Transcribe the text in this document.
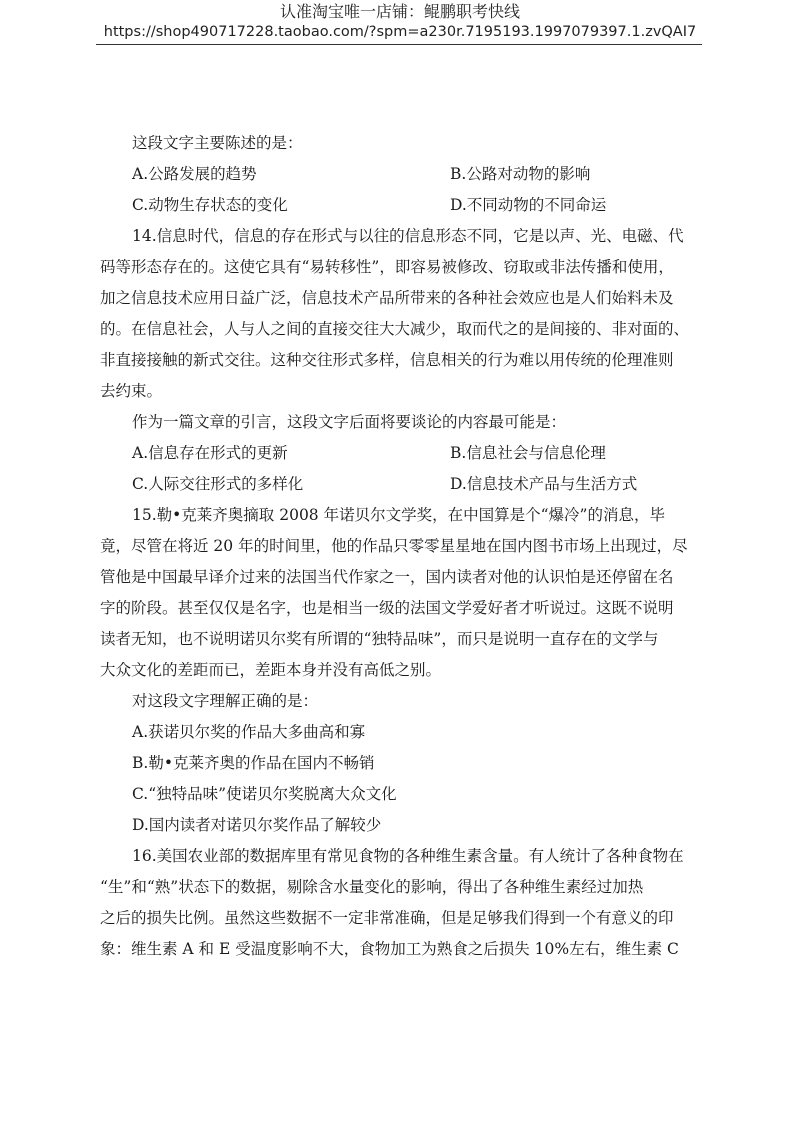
认准淘宝唯一店铺：鲲鹏职考快线
https://shop490717228.taobao.com/?spm=a230r.7195193.1997079397.1.zvQAI7
这段文字主要陈述的是：
A.公路发展的趋势	B.公路对动物的影响
C.动物生存状态的变化	D.不同动物的不同命运
14.信息时代，信息的存在形式与以往的信息形态不同，它是以声、光、电磁、代
码等形态存在的。这使它具有“易转移性”，即容易被修改、窃取或非法传播和使用，
加之信息技术应用日益广泛，信息技术产品所带来的各种社会效应也是人们始料未及
的。在信息社会，人与人之间的直接交往大大减少，取而代之的是间接的、非对面的、
非直接接触的新式交往。这种交往形式多样，信息相关的行为难以用传统的伦理准则
去约束。
作为一篇文章的引言，这段文字后面将要谈论的内容最可能是：
A.信息存在形式的更新	B.信息社会与信息伦理
C.人际交往形式的多样化	D.信息技术产品与生活方式
15.勒•克莱齐奥摘取 2008 年诺贝尔文学奖，在中国算是个“爆冷”的消息，毕
竟，尽管在将近 20 年的时间里，他的作品只零零星星地在国内图书市场上出现过，尽
管他是中国最早译介过来的法国当代作家之一，国内读者对他的认识怕是还停留在名
字的阶段。甚至仅仅是名字，也是相当一级的法国文学爱好者才听说过。这既不说明
读者无知，也不说明诺贝尔奖有所谓的“独特品味”，而只是说明一直存在的文学与
大众文化的差距而已，差距本身并没有高低之别。
对这段文字理解正确的是：
A.获诺贝尔奖的作品大多曲高和寡
B.勒•克莱齐奥的作品在国内不畅销
C.“独特品味”使诺贝尔奖脱离大众文化
D.国内读者对诺贝尔奖作品了解较少
16.美国农业部的数据库里有常见食物的各种维生素含量。有人统计了各种食物在
“生”和“熟”状态下的数据，剔除含水量变化的影响，得出了各种维生素经过加热
之后的损失比例。虽然这些数据不一定非常准确，但是足够我们得到一个有意义的印
象：维生素 A 和 E 受温度影响不大，食物加工为熟食之后损失 10%左右，维生素 C
